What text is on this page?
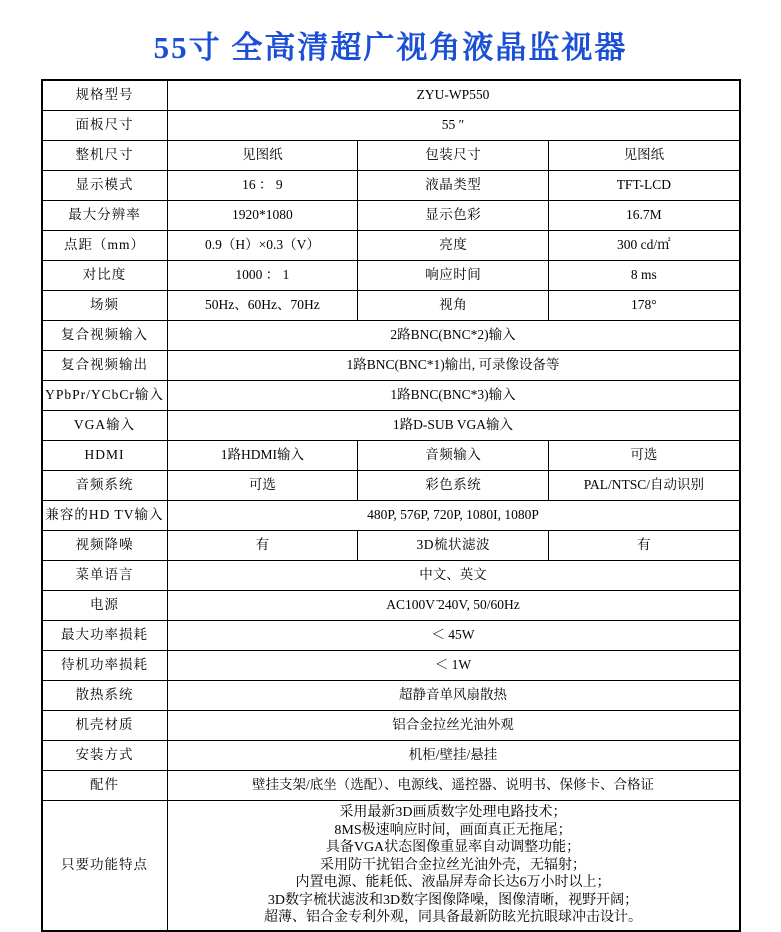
55寸 全高清超广视角液晶监视器
规格型号	ZYU-WP550		
面板尺寸	55 ″		
整机尺寸	见图纸	包装尺寸	见图纸
显示模式	16 ： 9	液晶类型	TFT-LCD
最大分辨率	1920*1080	显示色彩	16.7M
点距（mm）	0.9（H）×0.3（V）	亮度	300 cd/㎡
对比度	1000 ： 1	响应时间	8 ms
场频	50Hz、60Hz、70Hz	视角	178°
复合视频输入	2路BNC(BNC*2)输入		
复合视频输出	1路BNC(BNC*1)输出, 可录像设备等		
YPbPr/YCbCr输入	1路BNC(BNC*3)输入		
VGA输入	1路D-SUB VGA输入		
HDMI	1路HDMI输入	音频输入	可选
音频系统	可选	彩色系统	PAL/NTSC/自动识别
兼容的HD TV输入	480P, 576P, 720P, 1080I, 1080P		
视频降噪	有	3D梳状滤波	有
菜单语言	中文、英文		
电源	AC100V ̄240V, 50/60Hz		
最大功率损耗	＜ 45W		
待机功率损耗	＜ 1W		
散热系统	超静音单风扇散热		
机壳材质	铝合金拉丝光油外观		
安装方式	机柜/壁挂/悬挂		
配件	壁挂支架/底坐（选配）、电源线、遥控器、说明书、保修卡、合格证		
只要功能特点	
采用最新3D画质数字处理电路技术；
8MS极速响应时间，画面真正无拖尾；
具备VGA状态图像重显率自动调整功能；
采用防干扰铝合金拉丝光油外壳，无辐射；
内置电源、能耗低、液晶屏寿命长达6万小时以上；
3D数字梳状滤波和3D数字图像降噪，图像清晰，视野开阔；
超薄、铝合金专利外观，同具备最新防眩光抗眼球冲击设计。
